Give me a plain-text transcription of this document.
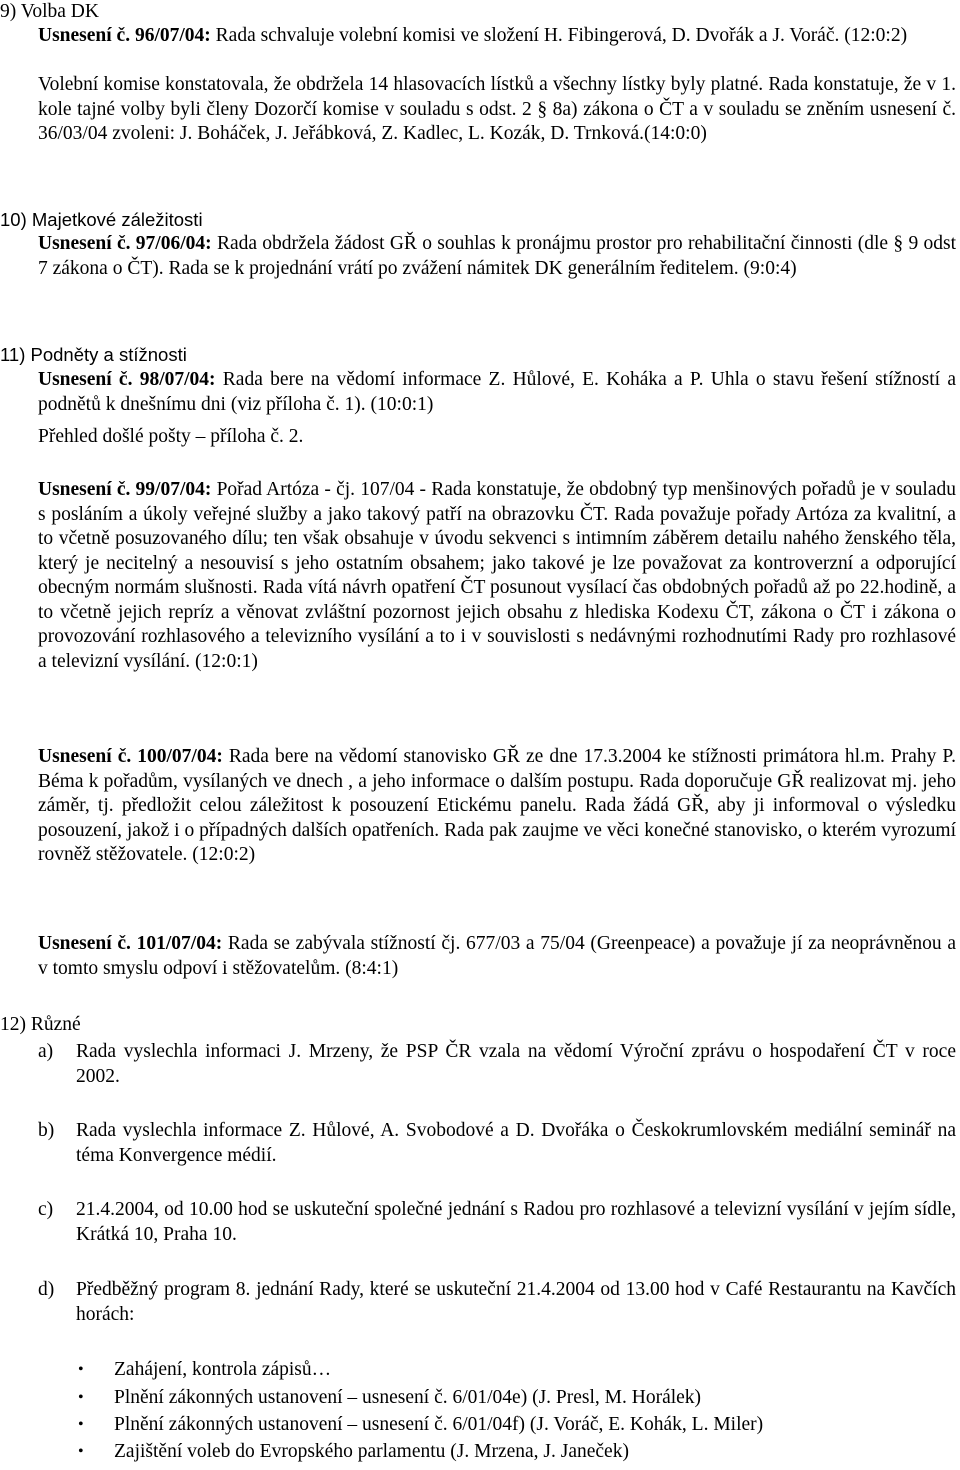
9) Volba DK

Usnesení č. 96/07/04: Rada schvaluje volební komisi ve složení H. Fibingerová, D. Dvořák a J. Voráč. (12:0:2)

Volební komise konstatovala, že obdržela 14 hlasovacích lístků a všechny lístky byly platné. Rada konstatuje, že v 1. kole tajné volby byli členy Dozorčí komise v souladu s odst. 2 § 8a) zákona o ČT a v souladu se zněním usnesení č. 36/03/04 zvoleni: J. Boháček, J. Jeřábková, Z. Kadlec, L. Kozák, D. Trnková.(14:0:0)

10) Majetkové záležitosti

Usnesení č. 97/06/04: Rada obdržela žádost GŘ o souhlas k pronájmu prostor pro rehabilitační činnosti (dle § 9 odst 7 zákona o ČT). Rada se k projednání vrátí po zvážení námitek DK generálním ředitelem. (9:0:4)

11) Podněty a stížnosti

Usnesení č. 98/07/04: Rada bere na vědomí informace Z. Hůlové, E. Koháka a P. Uhla o stavu řešení stížností a podnětů k dnešnímu dni (viz příloha č. 1). (10:0:1)

Přehled došlé pošty – příloha č. 2.

Usnesení č. 99/07/04: Pořad Artóza - čj. 107/04 - Rada konstatuje, že obdobný typ menšinových pořadů je v souladu s posláním a úkoly veřejné služby a jako takový patří na obrazovku ČT. Rada považuje pořady Artóza za kvalitní, a to včetně posuzovaného dílu; ten však obsahuje v úvodu sekvenci s intimním záběrem detailu nahého ženského těla, který je necitelný a nesouvisí s jeho ostatním obsahem; jako takové je lze považovat za kontroverzní a odporující obecným normám slušnosti. Rada vítá návrh opatření ČT posunout vysílací čas obdobných pořadů až po 22.hodině, a to včetně jejich repríz a věnovat zvláštní pozornost jejich obsahu z hlediska Kodexu ČT, zákona o ČT i zákona o provozování rozhlasového a televizního vysílání a to i v souvislosti s nedávnými rozhodnutími Rady pro rozhlasové a televizní vysílání. (12:0:1)

Usnesení č. 100/07/04: Rada bere na vědomí stanovisko GŘ ze dne 17.3.2004 ke stížnosti primátora hl.m. Prahy P. Béma k pořadům, vysílaných ve dnech , a jeho informace o dalším postupu. Rada doporučuje GŘ realizovat mj. jeho záměr, tj. předložit celou záležitost k posouzení Etickému panelu. Rada žádá GŘ, aby ji informoval o výsledku posouzení, jakož i o případných dalších opatřeních. Rada pak zaujme ve věci konečné stanovisko, o kterém vyrozumí rovněž stěžovatele. (12:0:2)

Usnesení č. 101/07/04: Rada se zabývala stížností čj. 677/03 a 75/04 (Greenpeace) a považuje jí za neoprávněnou a v tomto smyslu odpoví i stěžovatelům. (8:4:1)

12) Různé
a) Rada vyslechla informaci J. Mrzeny, že PSP ČR vzala na vědomí Výroční zprávu o hospodaření ČT v roce 2002.

b) Rada vyslechla informace Z. Hůlové, A. Svobodové a D. Dvořáka o Českokrumlovském mediální seminář na téma Konvergence médií.

c) 21.4.2004, od 10.00 hod se uskuteční společné jednání s Radou pro rozhlasové a televizní vysílání v jejím sídle, Krátká 10, Praha 10.

d) Předběžný program 8. jednání Rady, které se uskuteční 21.4.2004 od 13.00 hod v Café Restaurantu na Kavčích horách:

• Zahájení, kontrola zápisů…
• Plnění zákonných ustanovení – usnesení č. 6/01/04e) (J. Presl, M. Horálek)
• Plnění zákonných ustanovení – usnesení č. 6/01/04f) (J. Voráč, E. Kohák, L. Miler)
• Zajištění voleb do Evropského parlamentu (J. Mrzena, J. Janeček)
